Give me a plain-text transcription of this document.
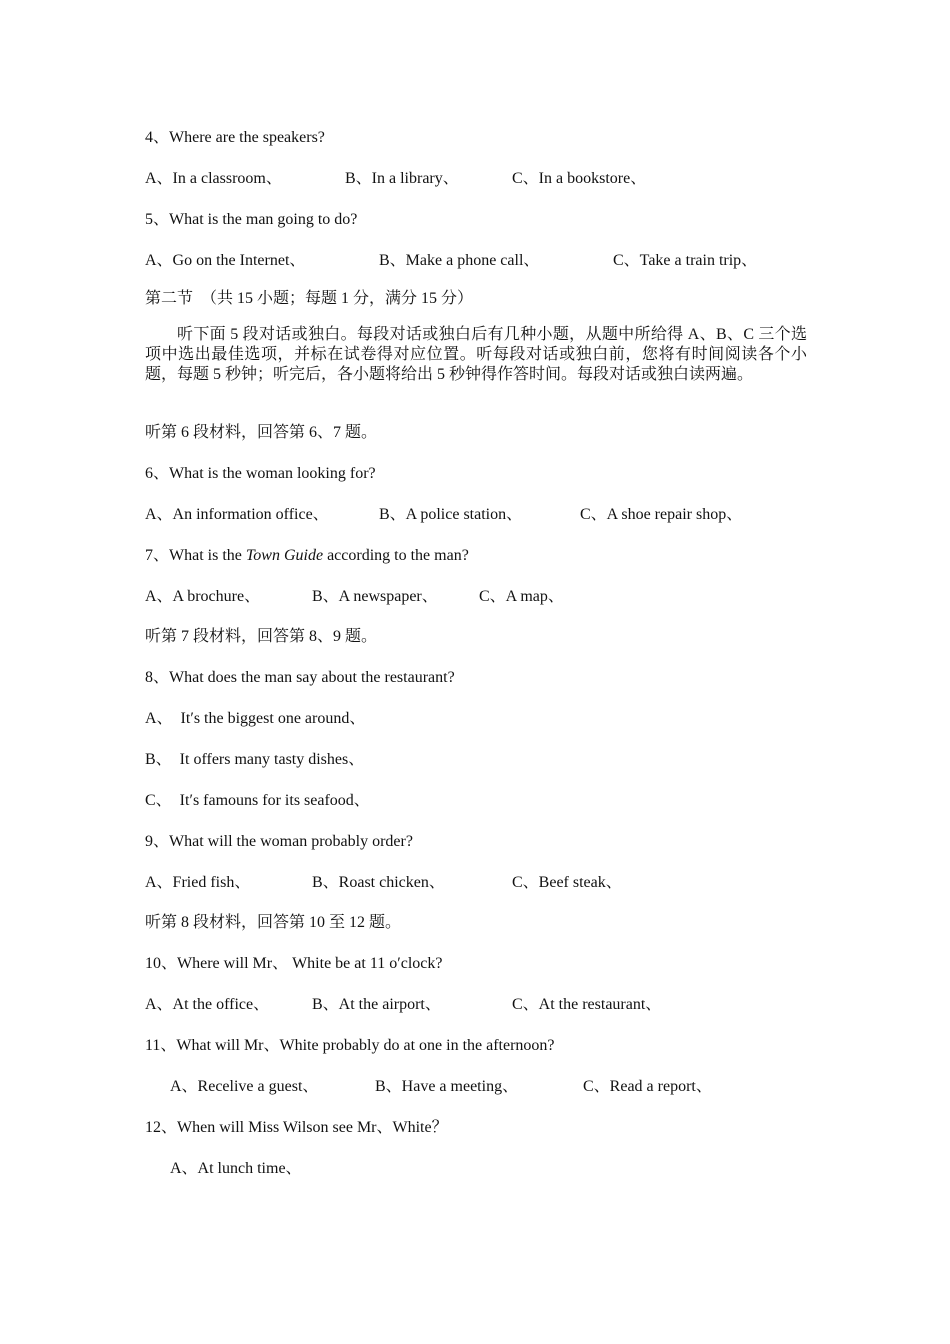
4、Where are the speakers?
A、In a classroom、	B、In a library、	C、In a bookstore、
5、What is the man going to do?
A、Go on the Internet、	B、Make a phone call、	C、Take a train trip、
第二节  （共 15 小题；每题 1 分，满分 15 分）
听下面 5 段对话或独白。每段对话或独白后有几种小题，从题中所给得 A、B、C 三个选项中选出最佳选项，并标在试卷得对应位置。听每段对话或独白前，您将有时间阅读各个小题，每题 5 秒钟；听完后，各小题将给出 5 秒钟得作答时间。每段对话或独白读两遍。
听第 6 段材料，回答第 6、7 题。
6、What is the woman looking for?
A、An information office、	B、A police station、	C、A shoe repair shop、
7、What is the Town Guide according to the man?
A、A brochure、	B、A newspaper、	C、A map、
听第 7 段材料，回答第 8、9 题。
8、What does the man say about the restaurant?
A、  It′s the biggest one around、
B、  It offers many tasty dishes、
C、  It′s famouns for its seafood、
9、What will the woman probably order?
A、Fried fish、	B、Roast chicken、	C、Beef steak、
听第 8 段材料，回答第 10 至 12 题。
10、Where will Mr、 White be at 11 o′clock?
A、At the office、	B、At the airport、	C、At the restaurant、
11、What will Mr、White probably do at one in the afternoon?
A、Recelive a guest、	B、Have a meeting、	C、Read a report、
12、When will Miss Wilson see Mr、White？
A、At lunch time、
